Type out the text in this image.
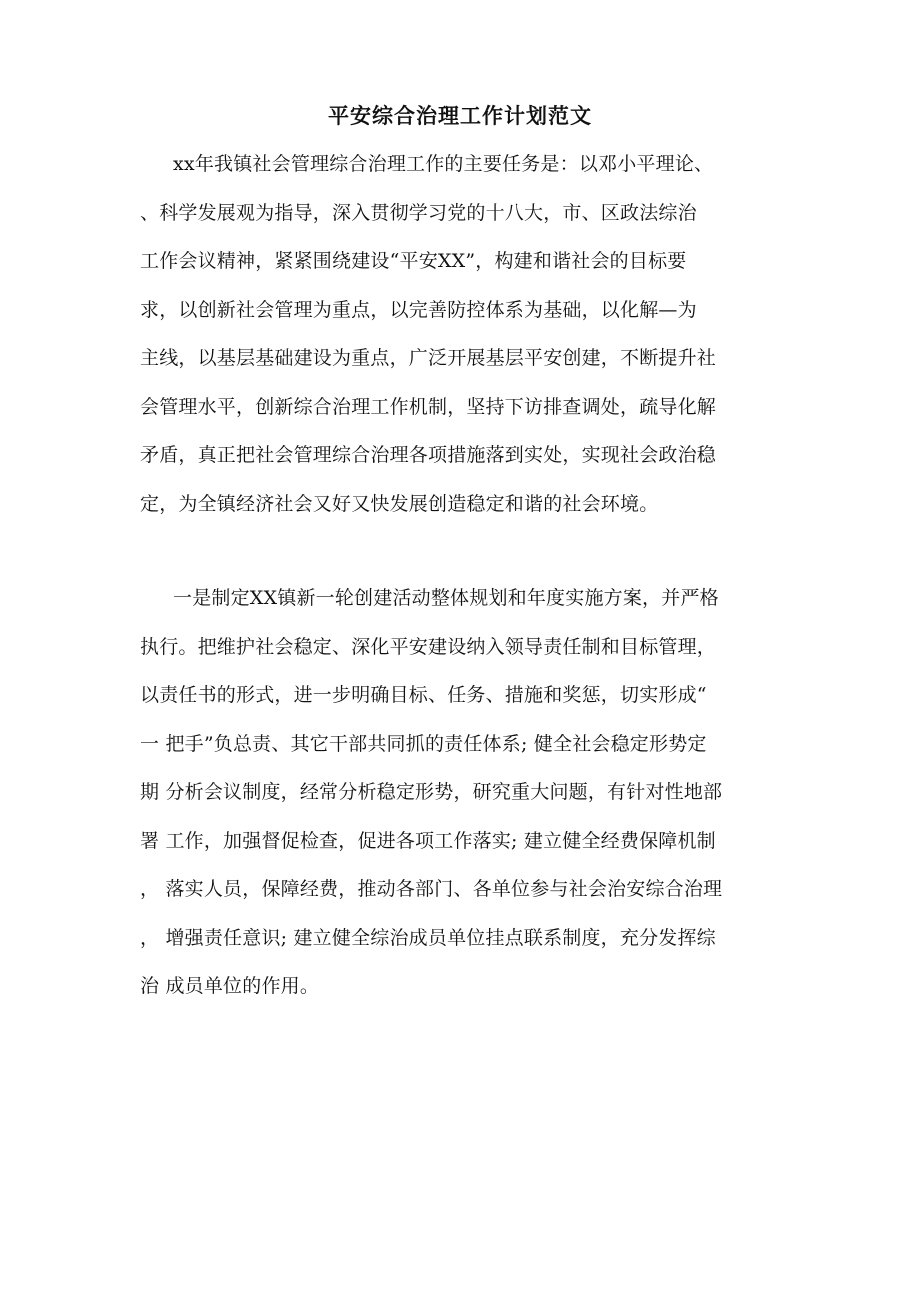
平安综合治理工作计划范文
xx年我镇社会管理综合治理工作的主要任务是：以邓小平理论、
、科学发展观为指导，深入贯彻学习党的十八大，市、区政法综治
工作会议精神，紧紧围绕建设“平安XX”，构建和谐社会的目标要
求，以创新社会管理为重点，以完善防控体系为基础，以化解—为
主线，以基层基础建设为重点，广泛开展基层平安创建，不断提升社
会管理水平，创新综合治理工作机制，坚持下访排查调处，疏导化解
矛盾，真正把社会管理综合治理各项措施落到实处，实现社会政治稳
定，为全镇经济社会又好又快发展创造稳定和谐的社会环境。
一是制定XX镇新一轮创建活动整体规划和年度实施方案，并严格
执行。把维护社会稳定、深化平安建设纳入领导责任制和目标管理，
以责任书的形式，进一步明确目标、任务、措施和奖惩，切实形成“
一 把手”负总责、其它干部共同抓的责任体系; 健全社会稳定形势定
期 分析会议制度，经常分析稳定形势，研究重大问题，有针对性地部
署 工作，加强督促检查，促进各项工作落实; 建立健全经费保障机制
， 落实人员，保障经费，推动各部门、各单位参与社会治安综合治理
， 增强责任意识; 建立健全综治成员单位挂点联系制度，充分发挥综
治 成员单位的作用。
